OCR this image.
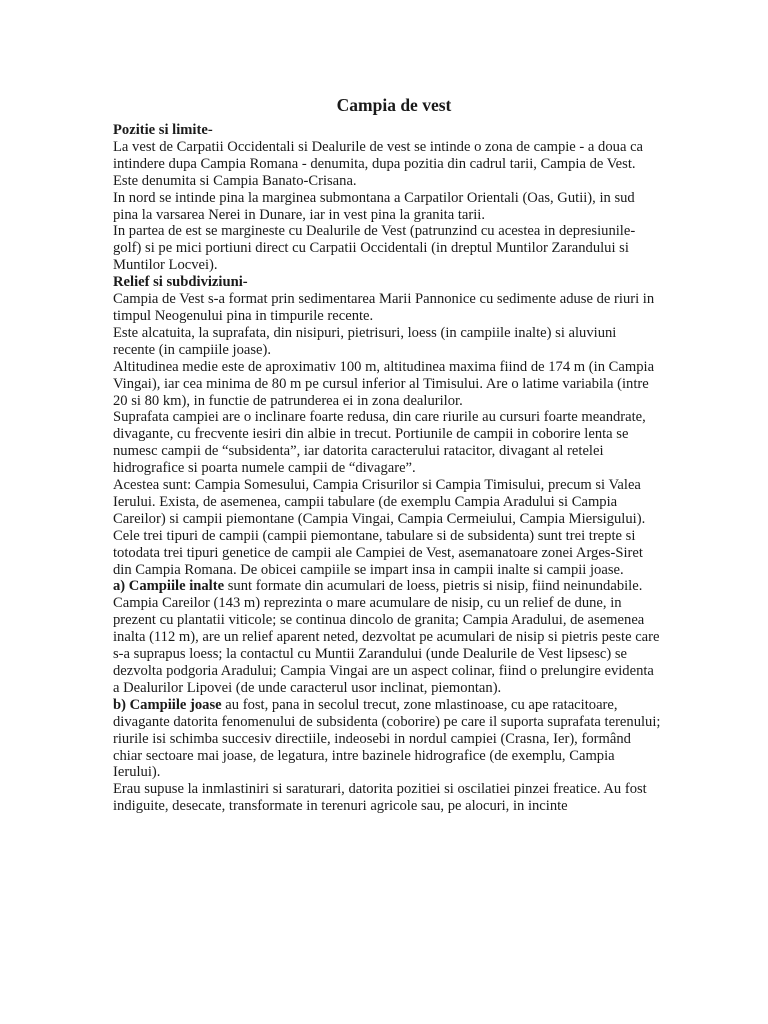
Campia de vest
Pozitie si limite-
La vest de Carpatii Occidentali si Dealurile de vest se intinde o zona de campie - a doua ca intindere dupa Campia Romana - denumita, dupa pozitia din cadrul tarii, Campia de Vest.
Este denumita si Campia Banato-Crisana.
In nord se intinde pina la marginea submontana a Carpatilor Orientali (Oas, Gutii), in sud pina la varsarea Nerei in Dunare, iar in vest pina la granita tarii.
In partea de est se margineste cu Dealurile de Vest (patrunzind cu acestea in depresiunile-golf) si pe mici portiuni direct cu Carpatii Occidentali (in dreptul Muntilor Zarandului si Muntilor Locvei).
Relief si subdiviziuni-
Campia de Vest s-a format prin sedimentarea Marii Pannonice cu sedimente aduse de riuri in timpul Neogenului pina in timpurile recente.
Este alcatuita, la suprafata, din nisipuri, pietrisuri, loess (in campiile inalte) si aluviuni recente (in campiile joase).
Altitudinea medie este de aproximativ 100 m, altitudinea maxima fiind de 174 m (in Campia Vingai), iar cea minima de 80 m pe cursul inferior al Timisului. Are o latime variabila (intre 20 si 80 km), in functie de patrunderea ei in zona dealurilor.
Suprafata campiei are o inclinare foarte redusa, din care riurile au cursuri foarte meandrate, divagante, cu frecvente iesiri din albie in trecut. Portiunile de campii in coborire lenta se numesc campii de “subsidenta”, iar datorita caracterului ratacitor, divagant al retelei hidrografice si poarta numele campii de “divagare”.
Acestea sunt: Campia Somesului, Campia Crisurilor si Campia Timisului, precum si Valea Ierului. Exista, de asemenea, campii tabulare (de exemplu Campia Aradului si Campia Careilor) si campii piemontane (Campia Vingai, Campia Cermeiului, Campia Miersigului).
Cele trei tipuri de campii (campii piemontane, tabulare si de subsidenta) sunt trei trepte si totodata trei tipuri genetice de campii ale Campiei de Vest, asemanatoare zonei Arges-Siret din Campia Romana. De obicei campiile se impart insa in campii inalte si campii joase.
a) Campiile inalte sunt formate din acumulari de loess, pietris si nisip, fiind neinundabile.
Campia Careilor (143 m) reprezinta o mare acumulare de nisip, cu un relief de dune, in prezent cu plantatii viticole; se continua dincolo de granita; Campia Aradului, de asemenea inalta (112 m), are un relief aparent neted, dezvoltat pe acumulari de nisip si pietris peste care s-a suprapus loess; la contactul cu Muntii Zarandului (unde Dealurile de Vest lipsesc) se dezvolta podgoria Aradului; Campia Vingai are un aspect colinar, fiind o prelungire evidenta a Dealurilor Lipovei (de unde caracterul usor inclinat, piemontan).
b) Campiile joase au fost, pana in secolul trecut, zone mlastinoase, cu ape ratacitoare, divagante datorita fenomenului de subsidenta (coborire) pe care il suporta suprafata terenului; riurile isi schimba succesiv directiile, indeosebi in nordul campiei (Crasna, Ier), formând chiar sectoare mai joase, de legatura, intre bazinele hidrografice (de exemplu, Campia Ierului).
Erau supuse la inmlastiniri si saraturari, datorita pozitiei si oscilatiei pinzei freatice. Au fost indiguite, desecate, transformate in terenuri agricole sau, pe alocuri, in incinte
